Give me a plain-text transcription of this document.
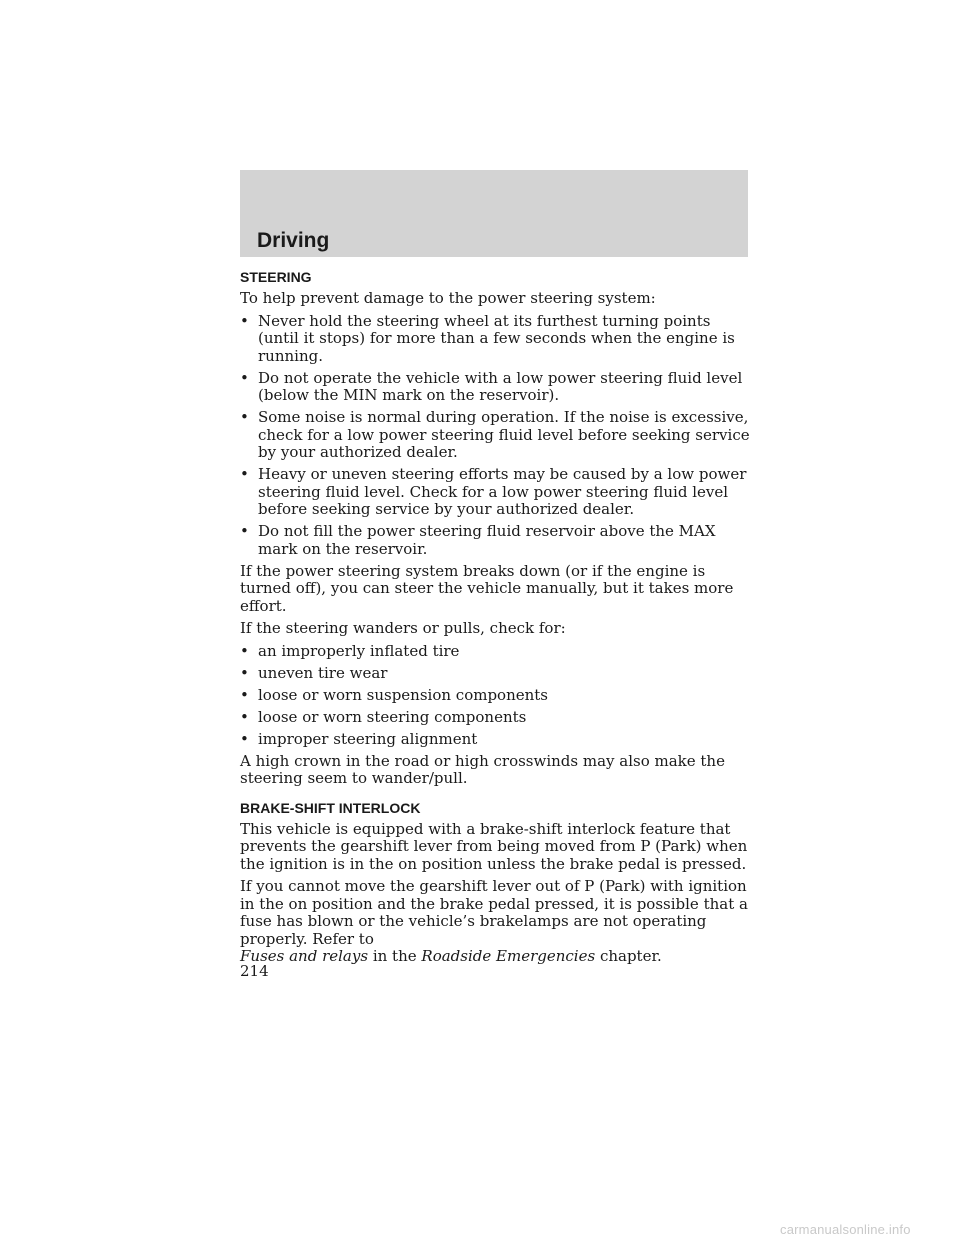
Driving
STEERING

To help prevent damage to the power steering system:

• Never hold the steering wheel at its furthest turning points (until it stops) for more than a few seconds when the engine is running.
• Do not operate the vehicle with a low power steering fluid level (below the MIN mark on the reservoir).
• Some noise is normal during operation. If the noise is excessive, check for a low power steering fluid level before seeking service by your authorized dealer.
• Heavy or uneven steering efforts may be caused by a low power steering fluid level. Check for a low power steering fluid level before seeking service by your authorized dealer.
• Do not fill the power steering fluid reservoir above the MAX mark on the reservoir.

If the power steering system breaks down (or if the engine is turned off), you can steer the vehicle manually, but it takes more effort.

If the steering wanders or pulls, check for:

• an improperly inflated tire
• uneven tire wear
• loose or worn suspension components
• loose or worn steering components
• improper steering alignment

A high crown in the road or high crosswinds may also make the steering seem to wander/pull.

BRAKE-SHIFT INTERLOCK

This vehicle is equipped with a brake-shift interlock feature that prevents the gearshift lever from being moved from P (Park) when the ignition is in the on position unless the brake pedal is pressed.

If you cannot move the gearshift lever out of P (Park) with ignition in the on position and the brake pedal pressed, it is possible that a fuse has blown or the vehicle’s brakelamps are not operating properly. Refer to
Fuses and relays in the Roadside Emergencies chapter.

214
carmanualsonline.info
